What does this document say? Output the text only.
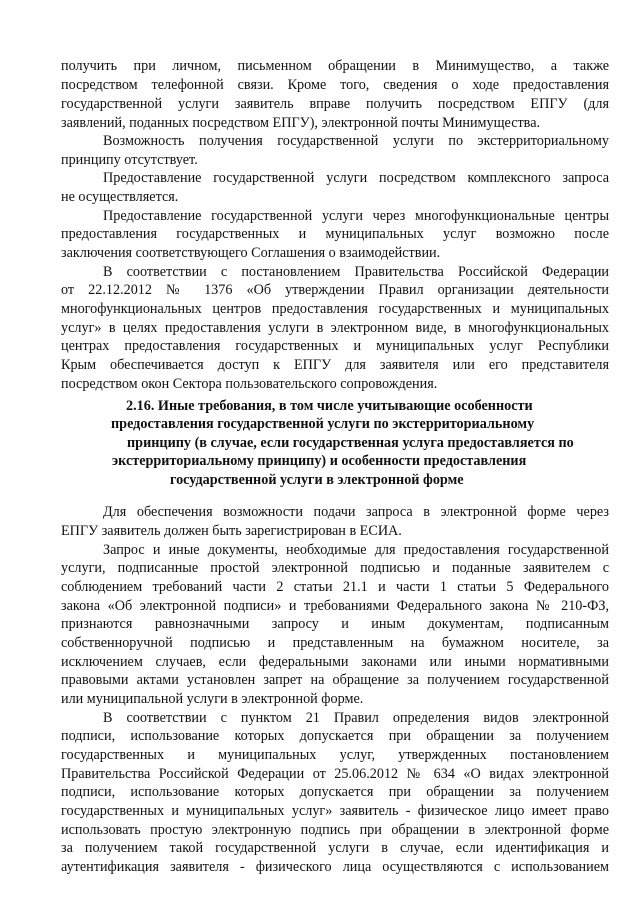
получить при личном, письменном обращении в Минимущество, а также
посредством телефонной связи. Кроме того, сведения о ходе предоставления
государственной услуги заявитель вправе получить посредством ЕПГУ (для
заявлений, поданных посредством ЕПГУ), электронной почты Минимущества.
Возможность получения государственной услуги по экстерриториальному
принципу отсутствует.
Предоставление государственной услуги посредством комплексного запроса
не осуществляется.
Предоставление государственной услуги через многофункциональные центры
предоставления государственных и муниципальных услуг возможно после
заключения соответствующего Соглашения о взаимодействии.
В соответствии с постановлением Правительства Российской Федерации
от 22.12.2012 № 1376 «Об утверждении Правил организации деятельности
многофункциональных центров предоставления государственных и муниципальных
услуг» в целях предоставления услуги в электронном виде, в многофункциональных
центрах предоставления государственных и муниципальных услуг Республики
Крым обеспечивается доступ к ЕПГУ для заявителя или его представителя
посредством окон Сектора пользовательского сопровождения.
2.16. Иные требования, в том числе учитывающие особенности
предоставления государственной услуги по экстерриториальному
принципу (в случае, если государственная услуга предоставляется по
экстерриториальному принципу) и особенности предоставления
государственной услуги в электронной форме
Для обеспечения возможности подачи запроса в электронной форме через
ЕПГУ заявитель должен быть зарегистрирован в ЕСИА.
Запрос и иные документы, необходимые для предоставления государственной
услуги, подписанные простой электронной подписью и поданные заявителем с
соблюдением требований части 2 статьи 21.1 и части 1 статьи 5 Федерального
закона «Об электронной подписи» и требованиями Федерального закона № 210-ФЗ,
признаются равнозначными запросу и иным документам, подписанным
собственноручной подписью и представленным на бумажном носителе, за
исключением случаев, если федеральными законами или иными нормативными
правовыми актами установлен запрет на обращение за получением государственной
или муниципальной услуги в электронной форме.
В соответствии с пунктом 21 Правил определения видов электронной
подписи, использование которых допускается при обращении за получением
государственных и муниципальных услуг, утвержденных постановлением
Правительства Российской Федерации от 25.06.2012 № 634 «О видах электронной
подписи, использование которых допускается при обращении за получением
государственных и муниципальных услуг» заявитель - физическое лицо имеет право
использовать простую электронную подпись при обращении в электронной форме
за получением такой государственной услуги в случае, если идентификация и
аутентификация заявителя - физического лица осуществляются с использованием
